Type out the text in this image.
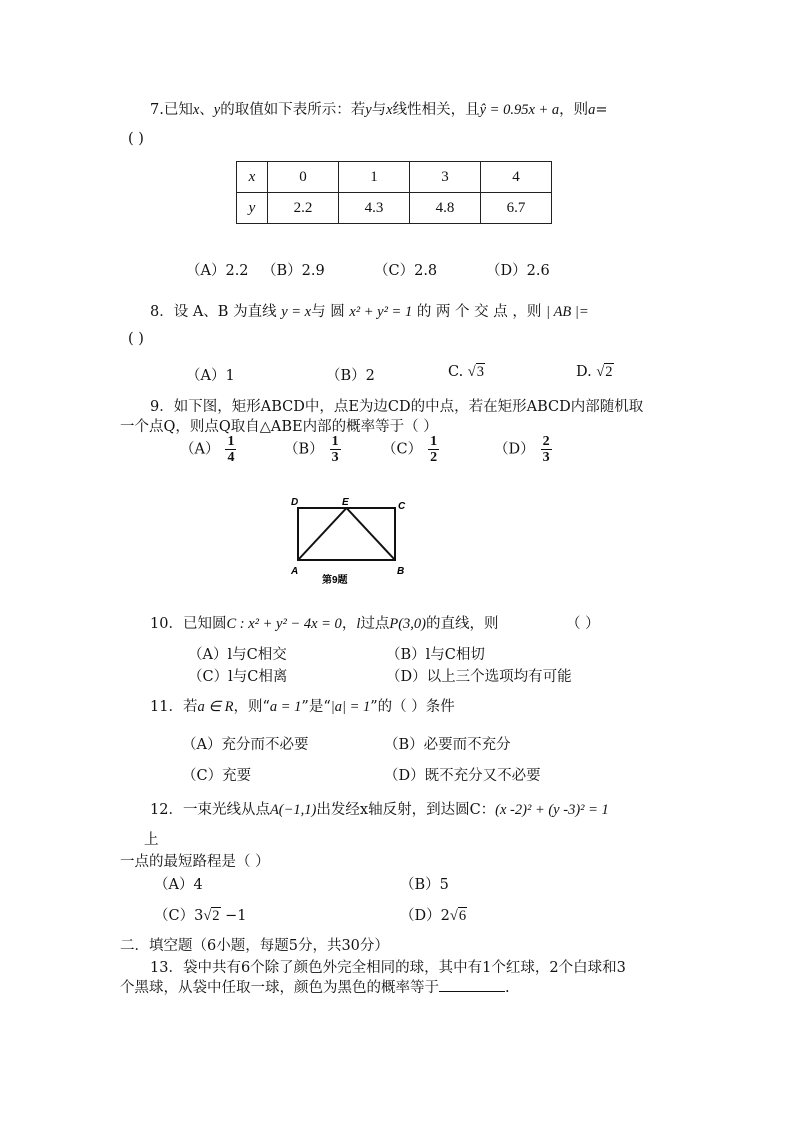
7.已知x、y的取值如下表所示：若y与x线性相关，且ŷ = 0.95x + a，则a=
( )
x	0	1	3	4
y	2.2	4.3	4.8	6.7
（A）2.2 （B）2.9	（C）2.8	（D）2.6
8．设 A、B 为直线 y = x与 圆 x² + y² = 1 的 两 个 交 点 ，则 | AB |=
( )
（A）1	（B）2	C. √3	D. √2
9．如下图，矩形ABCD中，点E为边CD的中点，若在矩形ABCD内部随机取
一个点Q，则点Q取自△ABE内部的概率等于（ ）
$(A) \frac{1}{4}$	$(B) \frac{1}{3}$	$(C) \frac{1}{2}$	$(D) \frac{2}{3}$
D	E	C
A	B
第9题
10．已知圆C : x² + y² − 4x = 0，l过点P(3,0)的直线，则	（ ）
（A）l与C相交	（B）l与C相切
（C）l与C相离	（D）以上三个选项均有可能
11．若a ∈ R，则“a = 1”是“|a| = 1”的（ ）条件
（A）充分而不必要	（B）必要而不充分
（C）充要	（D）既不充分又不必要
12．一束光线从点A(−1,1)出发经x轴反射，到达圆C：(x -2)² + (y -3)² = 1
上
一点的最短路程是（ ）
（A）4	（B）5
（C）3√2 −1	（D）2√6
二．填空题（6小题，每题5分，共30分）
13．袋中共有6个除了颜色外完全相同的球，其中有1个红球，2个白球和3
个黑球，从袋中任取一球，颜色为黑色的概率等于	.
